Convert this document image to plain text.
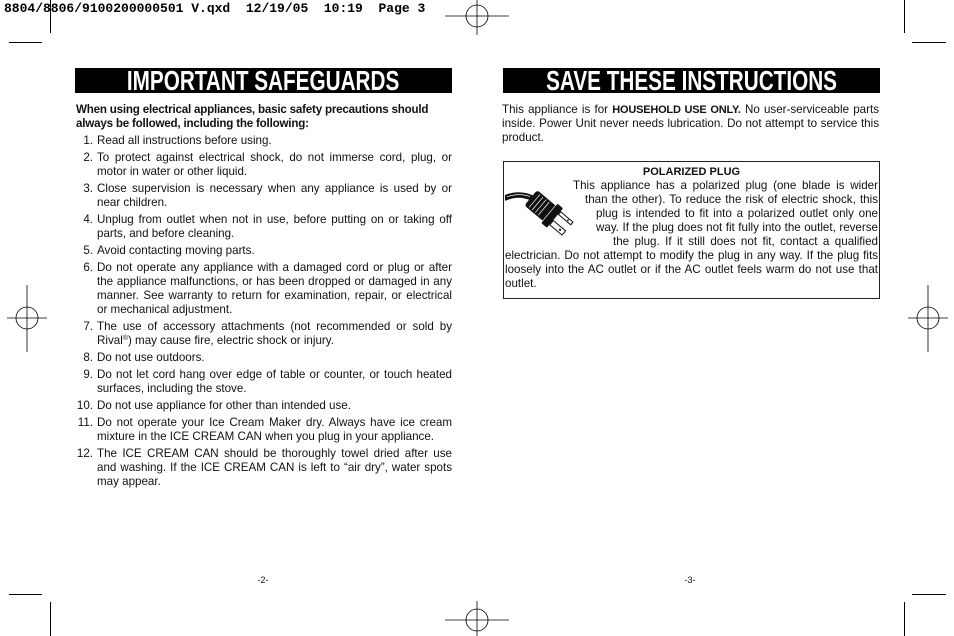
8804/8806/9100200000501 V.qxd  12/19/05  10:19  Page 3
IMPORTANT SAFEGUARDS

When using electrical appliances, basic safety precautions should always be followed, including the following:

1. Read all instructions before using.
2. To protect against electrical shock, do not immerse cord, plug, or motor in water or other liquid.
3. Close supervision is necessary when any appliance is used by or near children.
4. Unplug from outlet when not in use, before putting on or taking off parts, and before cleaning.
5. Avoid contacting moving parts.
6. Do not operate any appliance with a damaged cord or plug or after the appliance malfunctions, or has been dropped or damaged in any manner. See warranty to return for examination, repair, or electrical or mechanical adjustment.
7. The use of accessory attachments (not recommended or sold by Rival®) may cause fire, electric shock or injury.
8. Do not use outdoors.
9. Do not let cord hang over edge of table or counter, or touch heated surfaces, including the stove.
10. Do not use appliance for other than intended use.
11. Do not operate your Ice Cream Maker dry. Always have ice cream mixture in the ICE CREAM CAN when you plug in your appliance.
12. The ICE CREAM CAN should be thoroughly towel dried after use and washing. If the ICE CREAM CAN is left to “air dry”, water spots may appear.
-2-
SAVE THESE INSTRUCTIONS

This appliance is for HOUSEHOLD USE ONLY. No user-serviceable parts inside. Power Unit never needs lubrication. Do not attempt to service this product.

POLARIZED PLUG

This appliance has a polarized plug (one blade is wider than the other). To reduce the risk of electric shock, this plug is intended to fit into a polarized outlet only one way. If the plug does not fit fully into the outlet, reverse the plug. If it still does not fit, contact a qualified electrician. Do not attempt to modify the plug in any way. If the plug fits loosely into the AC outlet or if the AC outlet feels warm do not use that outlet.

-3-
